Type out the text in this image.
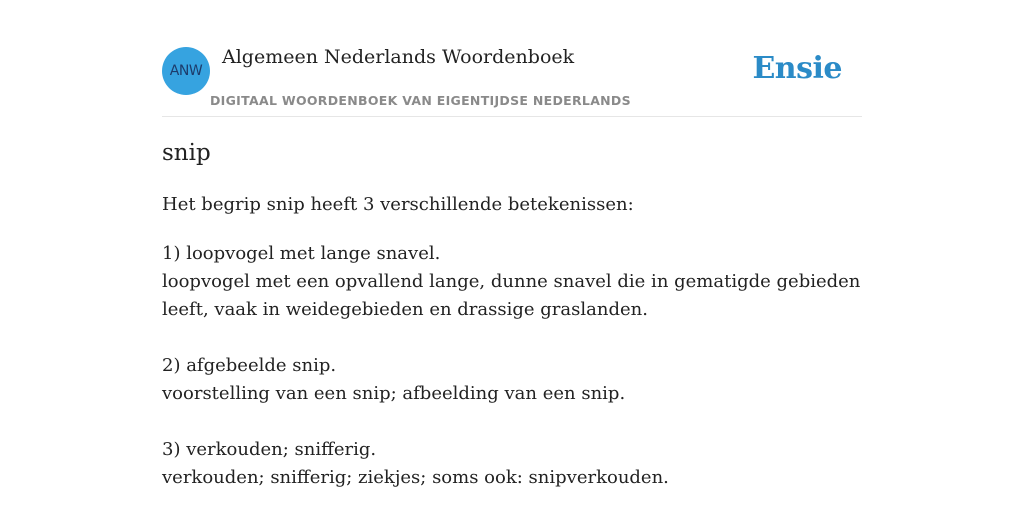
ANW
Algemeen Nederlands Woordenboek
DIGITAAL WOORDENBOEK VAN EIGENTIJDSE NEDERLANDS
Ensie
snip
Het begrip snip heeft 3 verschillende betekenissen:
1) loopvogel met lange snavel.
loopvogel met een opvallend lange, dunne snavel die in gematigde gebieden leeft, vaak in weidegebieden en drassige graslanden.
2) afgebeelde snip.
voorstelling van een snip; afbeelding van een snip.
3) verkouden; snifferig.
verkouden; snifferig; ziekjes; soms ook: snipverkouden.
